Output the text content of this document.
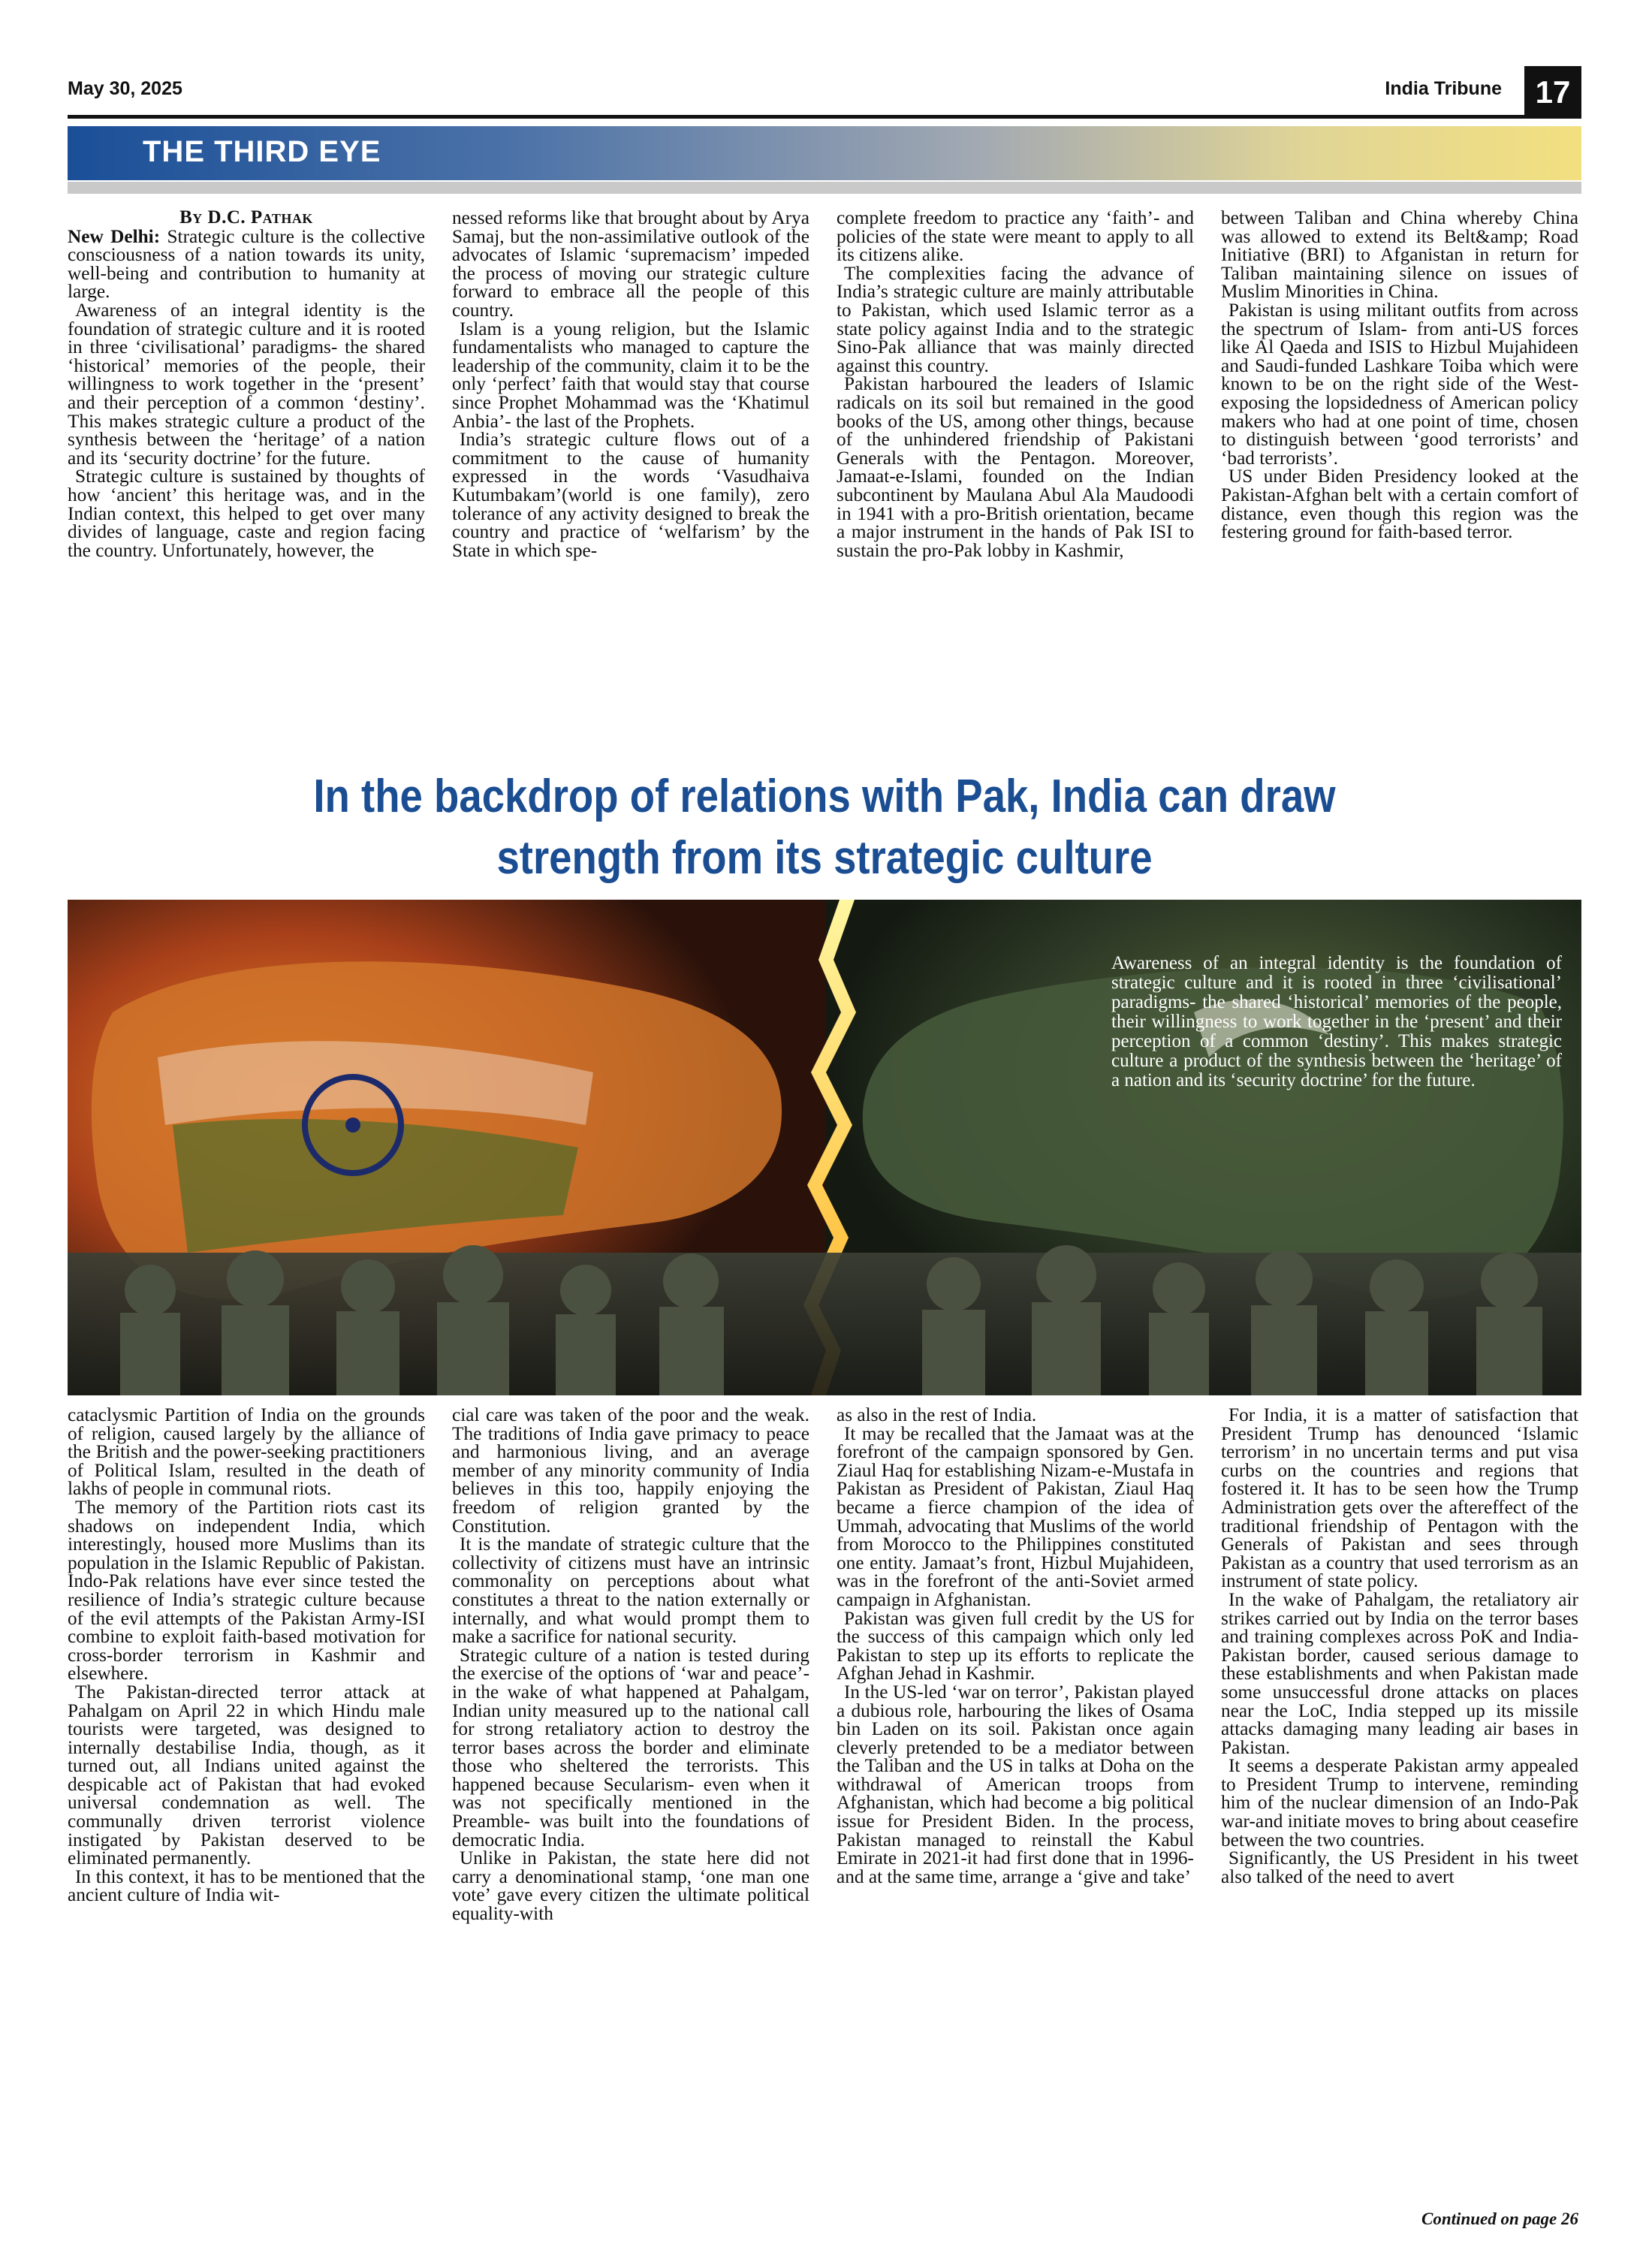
May 30, 2025	India Tribune	17
THE THIRD EYE

By D.C. Pathak

New Delhi: Strategic culture is the collective consciousness of a nation towards its unity, well-being and contribution to humanity at large.

Awareness of an integral identity is the foundation of strategic culture and it is rooted in three ‘civilisational’ paradigms- the shared ‘historical’ memories of the people, their willingness to work together in the ‘present’ and their perception of a common ‘destiny’. This makes strategic culture a product of the synthesis between the ‘heritage’ of a nation and its ‘security doctrine’ for the future.

Strategic culture is sustained by thoughts of how ‘ancient’ this heritage was, and in the Indian context, this helped to get over many divides of language, caste and region facing the country. Unfortunately, however, the

nessed reforms like that brought about by Arya Samaj, but the non-assimilative outlook of the advocates of Islamic ‘supremacism’ impeded the process of moving our strategic culture forward to embrace all the people of this country.

Islam is a young religion, but the Islamic fundamentalists who managed to capture the leadership of the community, claim it to be the only ‘perfect’ faith that would stay that course since Prophet Mohammad was the ‘Khatimul Anbia’- the last of the Prophets.

India’s strategic culture flows out of a commitment to the cause of humanity expressed in the words ‘Vasudhaiva Kutumbakam’(world is one family), zero tolerance of any activity designed to break the country and practice of ‘welfarism’ by the State in which spe-

complete freedom to practice any ‘faith’- and policies of the state were meant to apply to all its citizens alike.

The complexities facing the advance of India’s strategic culture are mainly attributable to Pakistan, which used Islamic terror as a state policy against India and to the strategic Sino-Pak alliance that was mainly directed against this country.

Pakistan harboured the leaders of Islamic radicals on its soil but remained in the good books of the US, among other things, because of the unhindered friendship of Pakistani Generals with the Pentagon. Moreover, Jamaat-e-Islami, founded on the Indian subcontinent by Maulana Abul Ala Maudoodi in 1941 with a pro-British orientation, became a major instrument in the hands of Pak ISI to sustain the pro-Pak lobby in Kashmir,

between Taliban and China whereby China was allowed to extend its Belt&amp; Road Initiative (BRI) to Afganistan in return for Taliban maintaining silence on issues of Muslim Minorities in China.

Pakistan is using militant outfits from across the spectrum of Islam- from anti-US forces like Al Qaeda and ISIS to Hizbul Mujahideen and Saudi-funded Lashkare Toiba which were known to be on the right side of the West- exposing the lopsidedness of American policy makers who had at one point of time, chosen to distinguish between ‘good terrorists’ and ‘bad terrorists’.

US under Biden Presidency looked at the Pakistan-Afghan belt with a certain comfort of distance, even though this region was the festering ground for faith-based terror.

In the backdrop of relations with Pak, India can draw
strength from its strategic culture
Awareness of an integral identity is the foundation of strategic culture and it is rooted in three ‘civilisational’ paradigms- the shared ‘historical’ memories of the people, their willingness to work together in the ‘present’ and their perception of a common ‘destiny’. This makes strategic culture a product of the synthesis between the ‘heritage’ of a nation and its ‘security doctrine’ for the future.

cataclysmic Partition of India on the grounds of religion, caused largely by the alliance of the British and the power-seeking practitioners of Political Islam, resulted in the death of lakhs of people in communal riots.

The memory of the Partition riots cast its shadows on independent India, which interestingly, housed more Muslims than its population in the Islamic Republic of Pakistan. Indo-Pak relations have ever since tested the resilience of India’s strategic culture because of the evil attempts of the Pakistan Army-ISI combine to exploit faith-based motivation for cross-border terrorism in Kashmir and elsewhere.

The Pakistan-directed terror attack at Pahalgam on April 22 in which Hindu male tourists were targeted, was designed to internally destabilise India, though, as it turned out, all Indians united against the despicable act of Pakistan that had evoked universal condemnation as well. The communally driven terrorist violence instigated by Pakistan deserved to be eliminated permanently.

In this context, it has to be mentioned that the ancient culture of India wit-

cial care was taken of the poor and the weak. The traditions of India gave primacy to peace and harmonious living, and an average member of any minority community of India believes in this too, happily enjoying the freedom of religion granted by the Constitution.

It is the mandate of strategic culture that the collectivity of citizens must have an intrinsic commonality on perceptions about what constitutes a threat to the nation externally or internally, and what would prompt them to make a sacrifice for national security.

Strategic culture of a nation is tested during the exercise of the options of ‘war and peace’- in the wake of what happened at Pahalgam, Indian unity measured up to the national call for strong retaliatory action to destroy the terror bases across the border and eliminate those who sheltered the terrorists. This happened because Secularism- even when it was not specifically mentioned in the Preamble- was built into the foundations of democratic India.

Unlike in Pakistan, the state here did not carry a denominational stamp, ‘one man one vote’ gave every citizen the ultimate political equality-with

as also in the rest of India.

It may be recalled that the Jamaat was at the forefront of the campaign sponsored by Gen. Ziaul Haq for establishing Nizam-e-Mustafa in Pakistan as President of Pakistan, Ziaul Haq became a fierce champion of the idea of Ummah, advocating that Muslims of the world from Morocco to the Philippines constituted one entity. Jamaat’s front, Hizbul Mujahideen, was in the forefront of the anti-Soviet armed campaign in Afghanistan.

Pakistan was given full credit by the US for the success of this campaign which only led Pakistan to step up its efforts to replicate the Afghan Jehad in Kashmir.

In the US-led ‘war on terror’, Pakistan played a dubious role, harbouring the likes of Osama bin Laden on its soil. Pakistan once again cleverly pretended to be a mediator between the Taliban and the US in talks at Doha on the withdrawal of American troops from Afghanistan, which had become a big political issue for President Biden. In the process, Pakistan managed to reinstall the Kabul Emirate in 2021-it had first done that in 1996- and at the same time, arrange a ‘give and take’

For India, it is a matter of satisfaction that President Trump has denounced ‘Islamic terrorism’ in no uncertain terms and put visa curbs on the countries and regions that fostered it. It has to be seen how the Trump Administration gets over the aftereffect of the traditional friendship of Pentagon with the Generals of Pakistan and sees through Pakistan as a country that used terrorism as an instrument of state policy.

In the wake of Pahalgam, the retaliatory air strikes carried out by India on the terror bases and training complexes across PoK and India-Pakistan border, caused serious damage to these establishments and when Pakistan made some unsuccessful drone attacks on places near the LoC, India stepped up its missile attacks damaging many leading air bases in Pakistan.

It seems a desperate Pakistan army appealed to President Trump to intervene, reminding him of the nuclear dimension of an Indo-Pak war-and initiate moves to bring about ceasefire between the two countries.

Significantly, the US President in his tweet also talked of the need to avert

Continued on page 26
